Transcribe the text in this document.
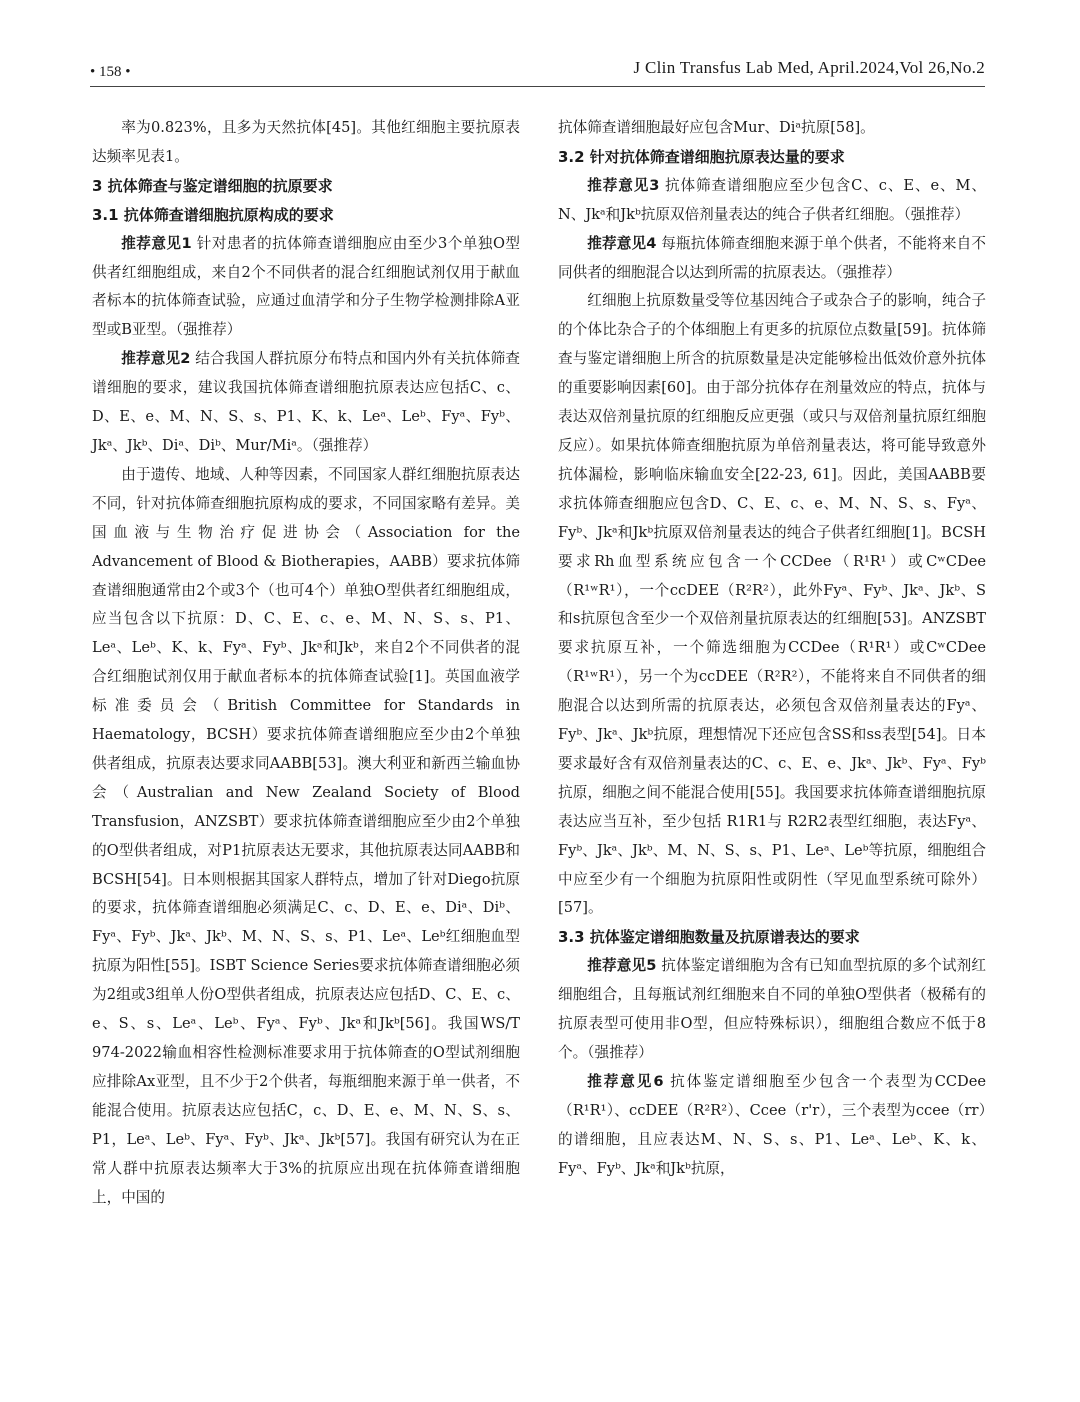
• 158 •	J Clin Transfus Lab Med, April.2024,Vol 26,No.2

率为0.823%，且多为天然抗体[45]。其他红细胞主要抗原表达频率见表1。

3 抗体筛查与鉴定谱细胞的抗原要求

3.1 抗体筛查谱细胞抗原构成的要求

推荐意见1 针对患者的抗体筛查谱细胞应由至少3个单独O型供者红细胞组成，来自2个不同供者的混合红细胞试剂仅用于献血者标本的抗体筛查试验，应通过血清学和分子生物学检测排除A亚型或B亚型。（强推荐）

推荐意见2 结合我国人群抗原分布特点和国内外有关抗体筛查谱细胞的要求，建议我国抗体筛查谱细胞抗原表达应包括C、c、D、E、e、M、N、S、s、P1、K、k、Leᵃ、Leᵇ、Fyᵃ、Fyᵇ、Jkᵃ、Jkᵇ、Diᵃ、Diᵇ、Mur/Miᵃ。（强推荐）

由于遗传、地域、人种等因素，不同国家人群红细胞抗原表达不同，针对抗体筛查细胞抗原构成的要求，不同国家略有差异。美国血液与生物治疗促进协会（Association for the Advancement of Blood & Biotherapies，AABB）要求抗体筛查谱细胞通常由2个或3个（也可4个）单独O型供者红细胞组成，应当包含以下抗原：D、C、E、c、e、M、N、S、s、P1、Leᵃ、Leᵇ、K、k、Fyᵃ、Fyᵇ、Jkᵃ和Jkᵇ，来自2个不同供者的混合红细胞试剂仅用于献血者标本的抗体筛查试验[1]。英国血液学标准委员会（British Committee for Standards in Haematology，BCSH）要求抗体筛查谱细胞应至少由2个单独供者组成，抗原表达要求同AABB[53]。澳大利亚和新西兰输血协会（Australian and New Zealand Society of Blood Transfusion，ANZSBT）要求抗体筛查谱细胞应至少由2个单独的O型供者组成，对P1抗原表达无要求，其他抗原表达同AABB和BCSH[54]。日本则根据其国家人群特点，增加了针对Diego抗原的要求，抗体筛查谱细胞必须满足C、c、D、E、e、Diᵃ、Diᵇ、Fyᵃ、Fyᵇ、Jkᵃ、Jkᵇ、M、N、S、s、P1、Leᵃ、Leᵇ红细胞血型抗原为阳性[55]。ISBT Science Series要求抗体筛查谱细胞必须为2组或3组单人份O型供者组成，抗原表达应包括D、C、E、c、e、S、s、Leᵃ、Leᵇ、Fyᵃ、Fyᵇ、Jkᵃ和Jkᵇ[56]。我国WS/T 974-2022输血相容性检测标准要求用于抗体筛查的O型试剂细胞应排除Ax亚型，且不少于2个供者，每瓶细胞来源于单一供者，不能混合使用。抗原表达应包括C，c、D、E、e、M、N、S、s、P1，Leᵃ、Leᵇ、Fyᵃ、Fyᵇ、Jkᵃ、Jkᵇ[57]。我国有研究认为在正常人群中抗原表达频率大于3%的抗原应出现在抗体筛查谱细胞上，中国的

抗体筛查谱细胞最好应包含Mur、Diᵃ抗原[58]。

3.2 针对抗体筛查谱细胞抗原表达量的要求

推荐意见3 抗体筛查谱细胞应至少包含C、c、E、e、M、N、Jkᵃ和Jkᵇ抗原双倍剂量表达的纯合子供者红细胞。（强推荐）

推荐意见4 每瓶抗体筛查细胞来源于单个供者，不能将来自不同供者的细胞混合以达到所需的抗原表达。（强推荐）

红细胞上抗原数量受等位基因纯合子或杂合子的影响，纯合子的个体比杂合子的个体细胞上有更多的抗原位点数量[59]。抗体筛查与鉴定谱细胞上所含的抗原数量是决定能够检出低效价意外抗体的重要影响因素[60]。由于部分抗体存在剂量效应的特点，抗体与表达双倍剂量抗原的红细胞反应更强（或只与双倍剂量抗原红细胞反应）。如果抗体筛查细胞抗原为单倍剂量表达，将可能导致意外抗体漏检，影响临床输血安全[22-23, 61]。因此，美国AABB要求抗体筛查细胞应包含D、C、E、c、e、M、N、S、s、Fyᵃ、Fyᵇ、Jkᵃ和Jkᵇ抗原双倍剂量表达的纯合子供者红细胞[1]。BCSH要求Rh血型系统应包含一个CCDee（R¹R¹）或CʷCDee（R¹ʷR¹），一个ccDEE（R²R²），此外Fyᵃ、Fyᵇ、Jkᵃ、Jkᵇ、S和s抗原包含至少一个双倍剂量抗原表达的红细胞[53]。ANZSBT要求抗原互补，一个筛选细胞为CCDee（R¹R¹）或CʷCDee（R¹ʷR¹），另一个为ccDEE（R²R²），不能将来自不同供者的细胞混合以达到所需的抗原表达，必须包含双倍剂量表达的Fyᵃ、Fyᵇ、Jkᵃ、Jkᵇ抗原，理想情况下还应包含SS和ss表型[54]。日本要求最好含有双倍剂量表达的C、c、E、e、Jkᵃ、Jkᵇ、Fyᵃ、Fyᵇ抗原，细胞之间不能混合使用[55]。我国要求抗体筛查谱细胞抗原表达应当互补，至少包括 R1R1与 R2R2表型红细胞，表达Fyᵃ、Fyᵇ、Jkᵃ、Jkᵇ、M、N、S、s、P1、Leᵃ、Leᵇ等抗原，细胞组合中应至少有一个细胞为抗原阳性或阴性（罕见血型系统可除外）[57]。

3.3 抗体鉴定谱细胞数量及抗原谱表达的要求

推荐意见5 抗体鉴定谱细胞为含有已知血型抗原的多个试剂红细胞组合，且每瓶试剂红细胞来自不同的单独O型供者（极稀有的抗原表型可使用非O型，但应特殊标识），细胞组合数应不低于8个。（强推荐）

推荐意见6 抗体鉴定谱细胞至少包含一个表型为CCDee（R¹R¹）、ccDEE（R²R²）、Ccee（r'r），三个表型为ccee（rr）的谱细胞，且应表达M、N、S、s、P1、Leᵃ、Leᵇ、K、k、Fyᵃ、Fyᵇ、Jkᵃ和Jkᵇ抗原，
